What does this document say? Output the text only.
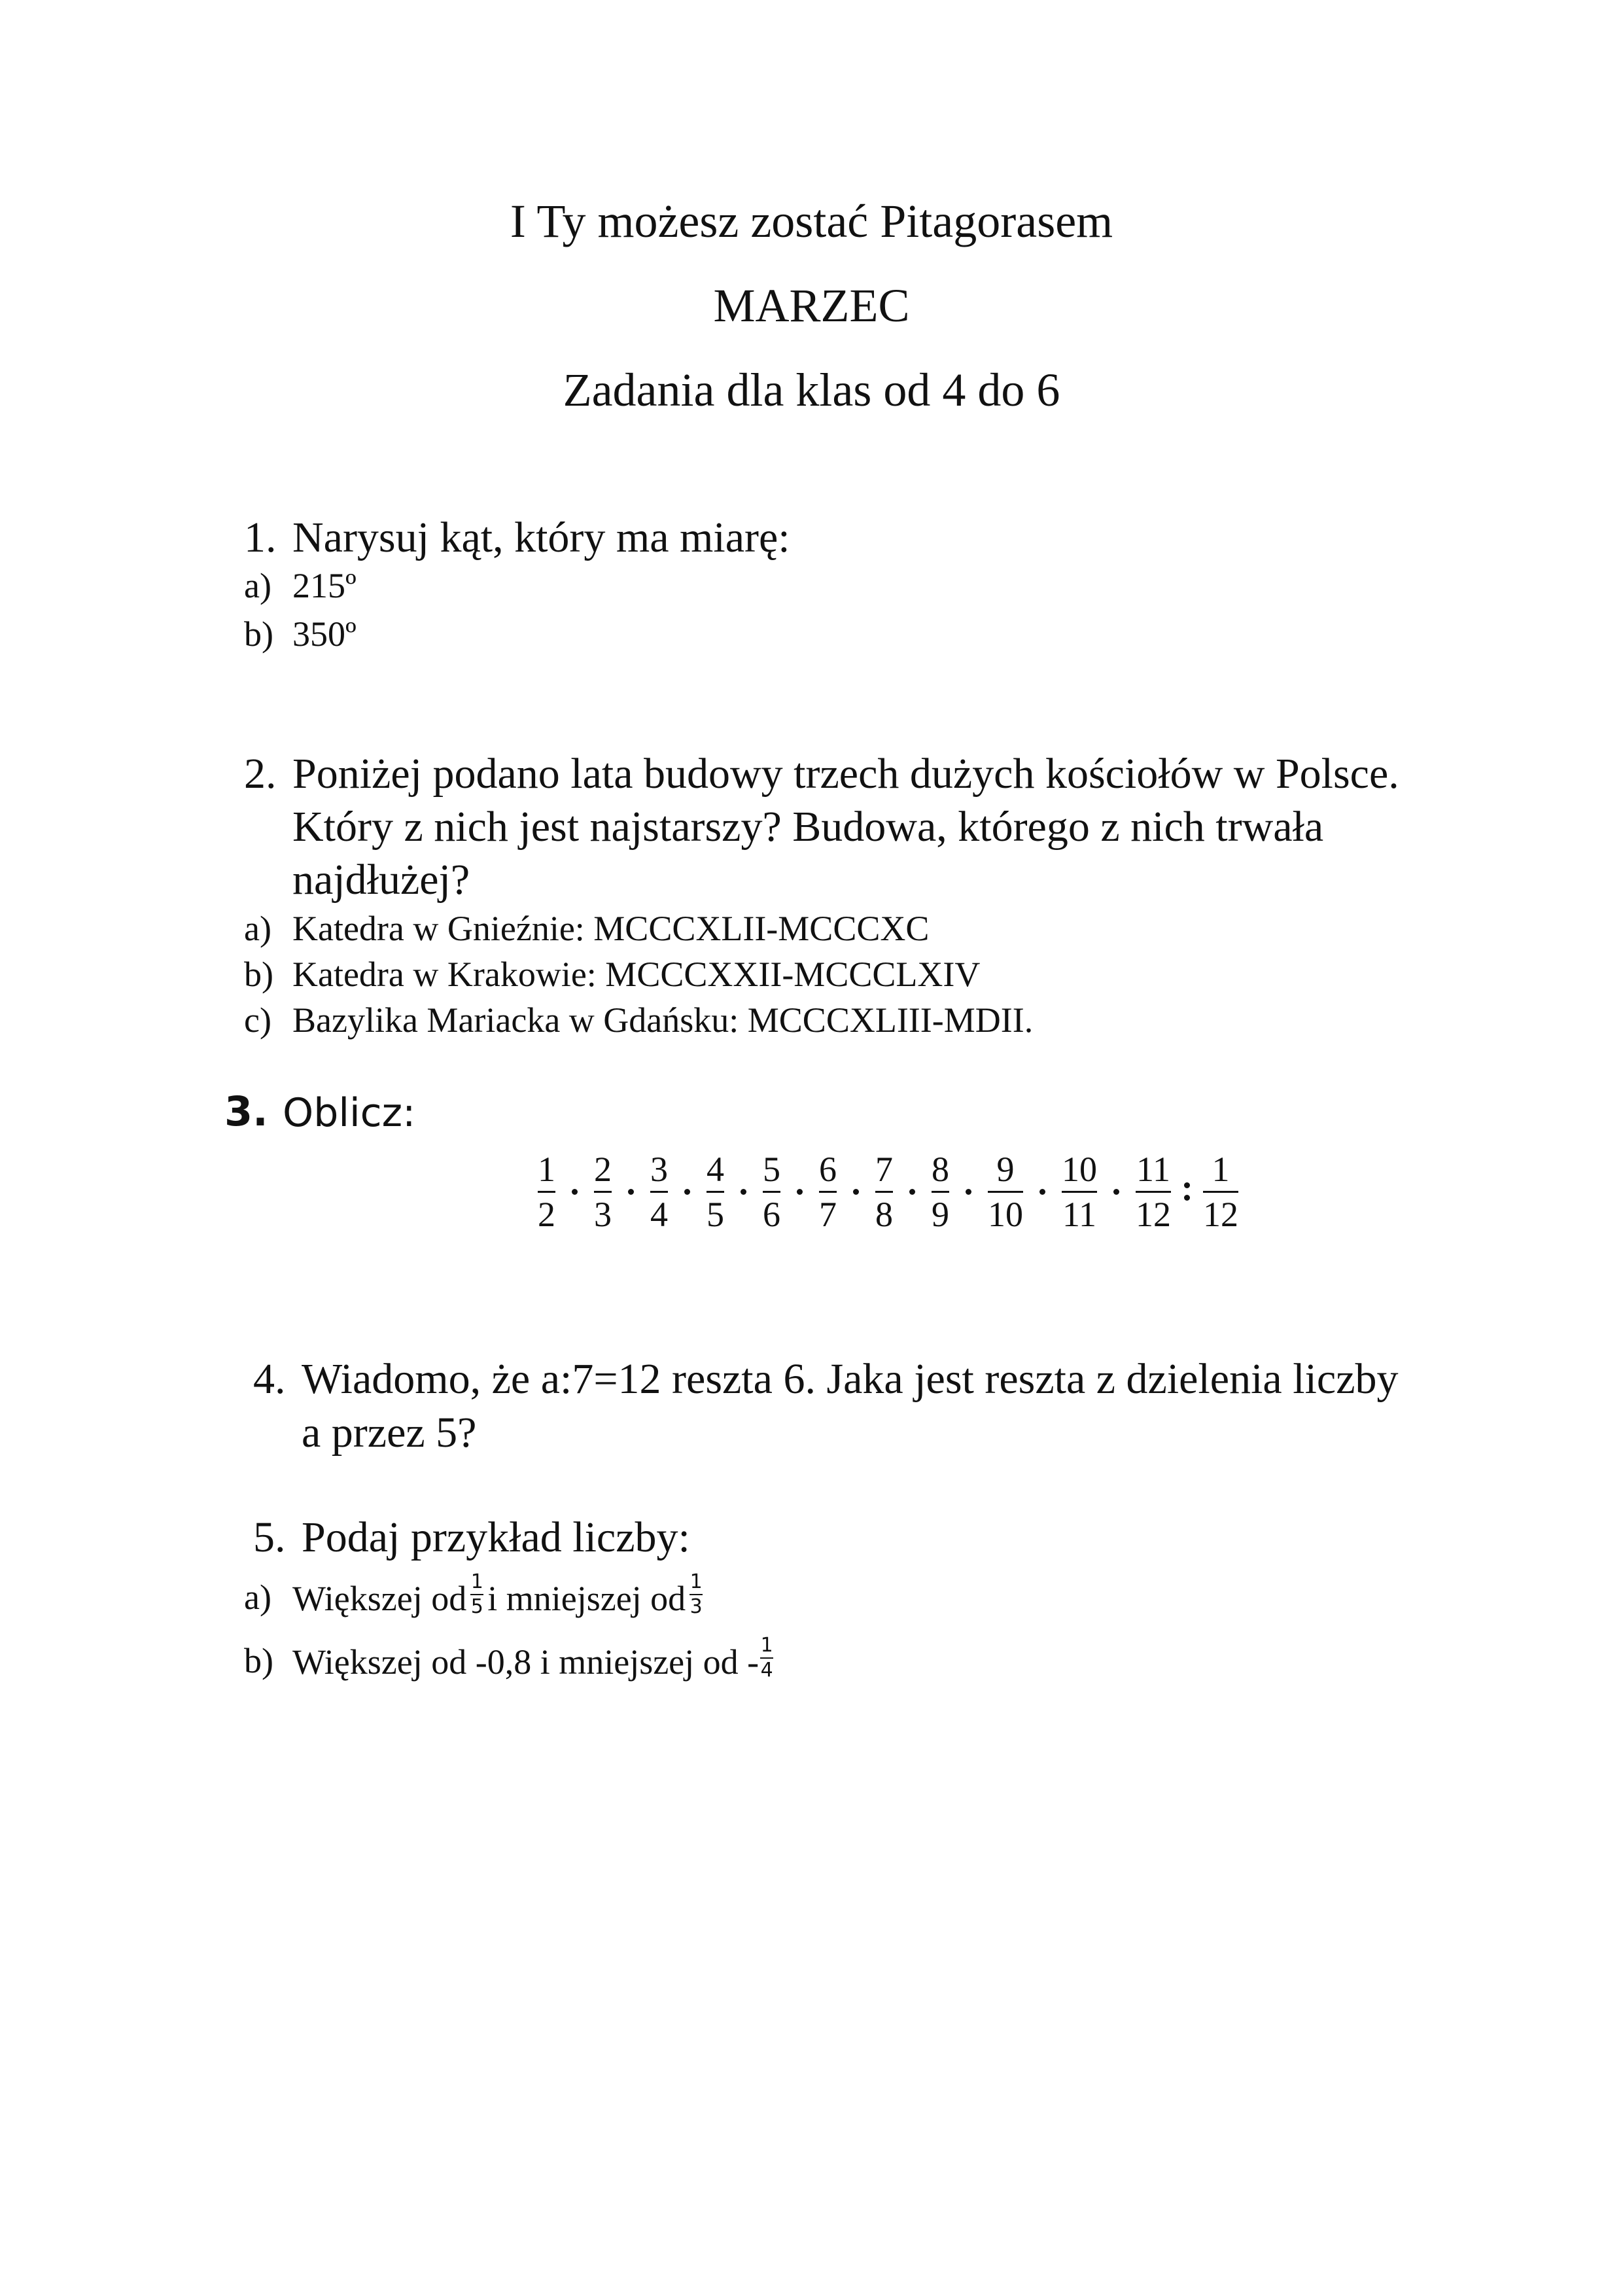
I Ty możesz zostać Pitagorasem
MARZEC
Zadania dla klas od 4 do 6
1. Narysuj kąt, który ma miarę:
a) 215º
b) 350º
2. Poniżej podano lata budowy trzech dużych kościołów w Polsce.
Który z nich jest najstarszy? Budowa, którego z nich trwała
najdłużej?
a) Katedra w Gnieźnie: MCCCXLII-MCCCXC
b) Katedra w Krakowie: MCCCXXII-MCCCLXIV
c) Bazylika Mariacka w Gdańsku: MCCCXLIII-MDII.
3. Oblicz:
$\frac{1}{2} \frac{2}{3} \frac{3}{4} \frac{4}{5} \frac{5}{6} \frac{6}{7} \frac{7}{8} \frac{8}{9} \frac{9}{10} \frac{10}{11} \frac{11}{12} \frac{1}{12}$
4. Wiadomo, że a:7=12 reszta 6. Jaka jest reszta z dzielenia liczby
a przez 5?
5. Podaj przykład liczby:
a) Większej od 1
5 i mniejszej od 1
3
b) Większej od -0,8 i mniejszej od - 1
4
